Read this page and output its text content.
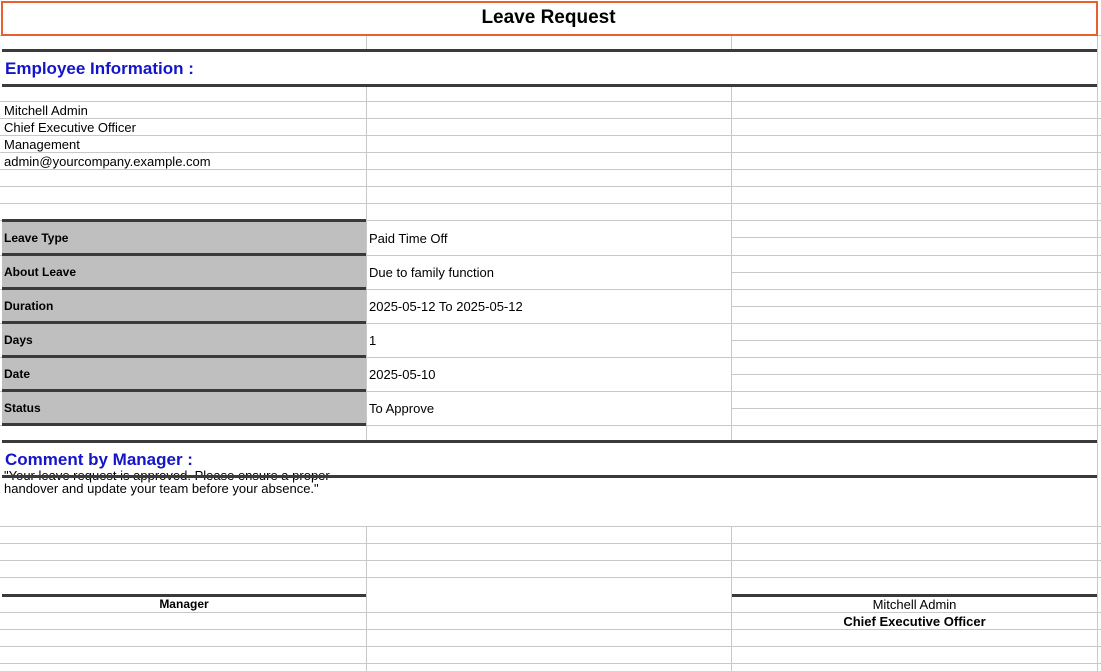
Leave Request
Employee Information :
Mitchell Admin
Chief Executive Officer
Management
admin@yourcompany.example.com
Leave Type	Paid Time Off
About Leave	Due to family function
Duration	2025-05-12 To 2025-05-12
Days	1
Date	2025-05-10
Status	To Approve
Comment by Manager :
handover and update your team before your absence."
Manager	Mitchell Admin
Chief Executive Officer
